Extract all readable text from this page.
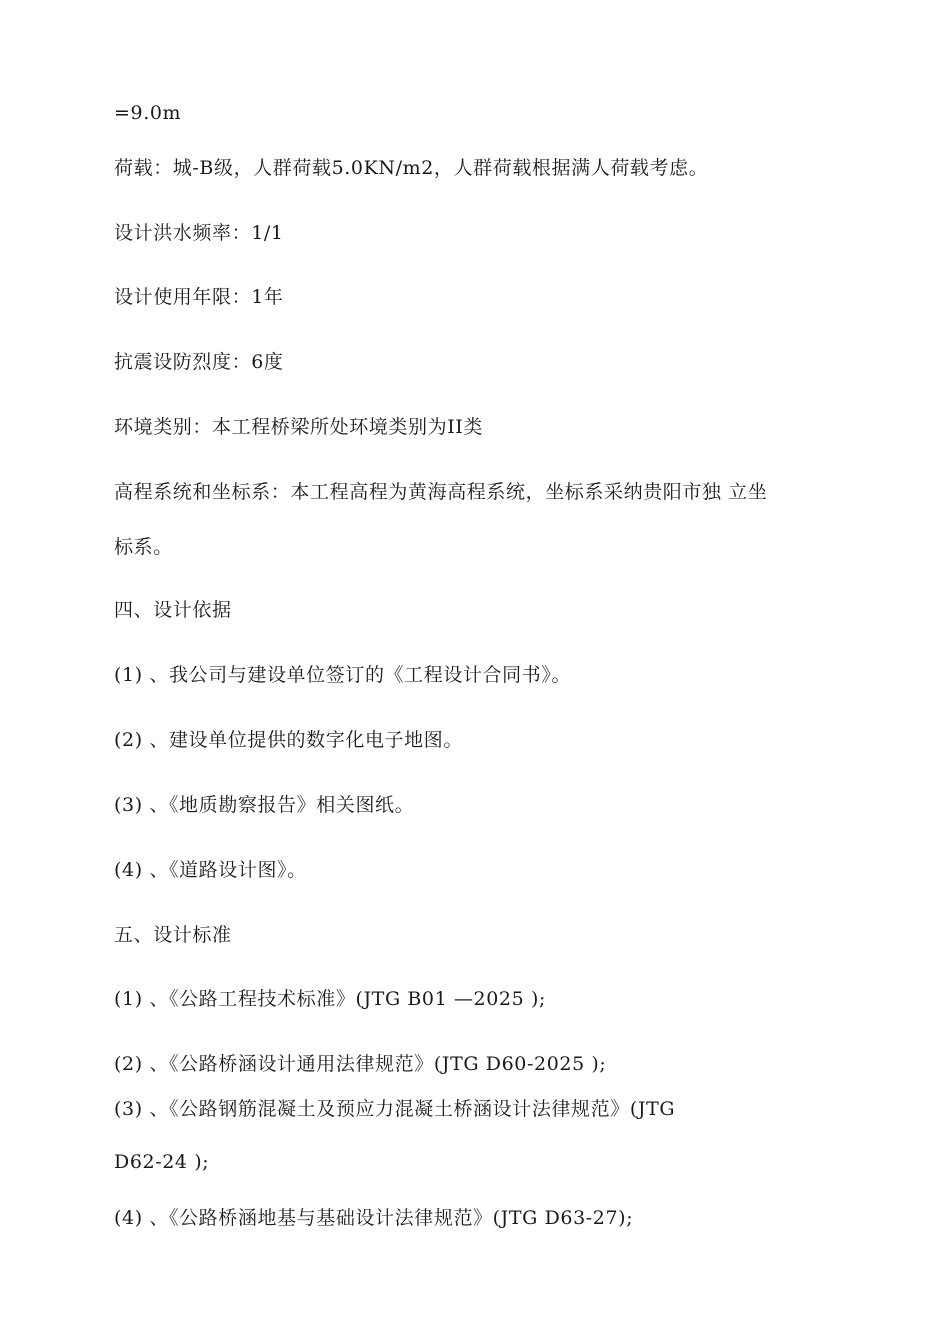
=9.0m
荷载：城-B级，人群荷载5.0KN/m2，人群荷载根据满人荷载考虑。
设计洪水频率：1/1
设计使用年限：1年
抗震设防烈度：6度
环境类别：本工程桥梁所处环境类别为II类
高程系统和坐标系：本工程高程为黄海高程系统，坐标系采纳贵阳市独 立坐
标系。
四、设计依据
(1) 、我公司与建设单位签订的《工程设计合同书》。
(2) 、建设单位提供的数字化电子地图。
(3) 、《地质勘察报告》相关图纸。
(4) 、《道路设计图》。
五、设计标准
(1) 、《公路工程技术标准》(JTG B01 —2025 );
(2) 、《公路桥涵设计通用法律规范》(JTG D60-2025 );
(3) 、《公路钢筋混凝土及预应力混凝土桥涵设计法律规范》(JTG
D62-24 );
(4) 、《公路桥涵地基与基础设计法律规范》(JTG D63-27);
